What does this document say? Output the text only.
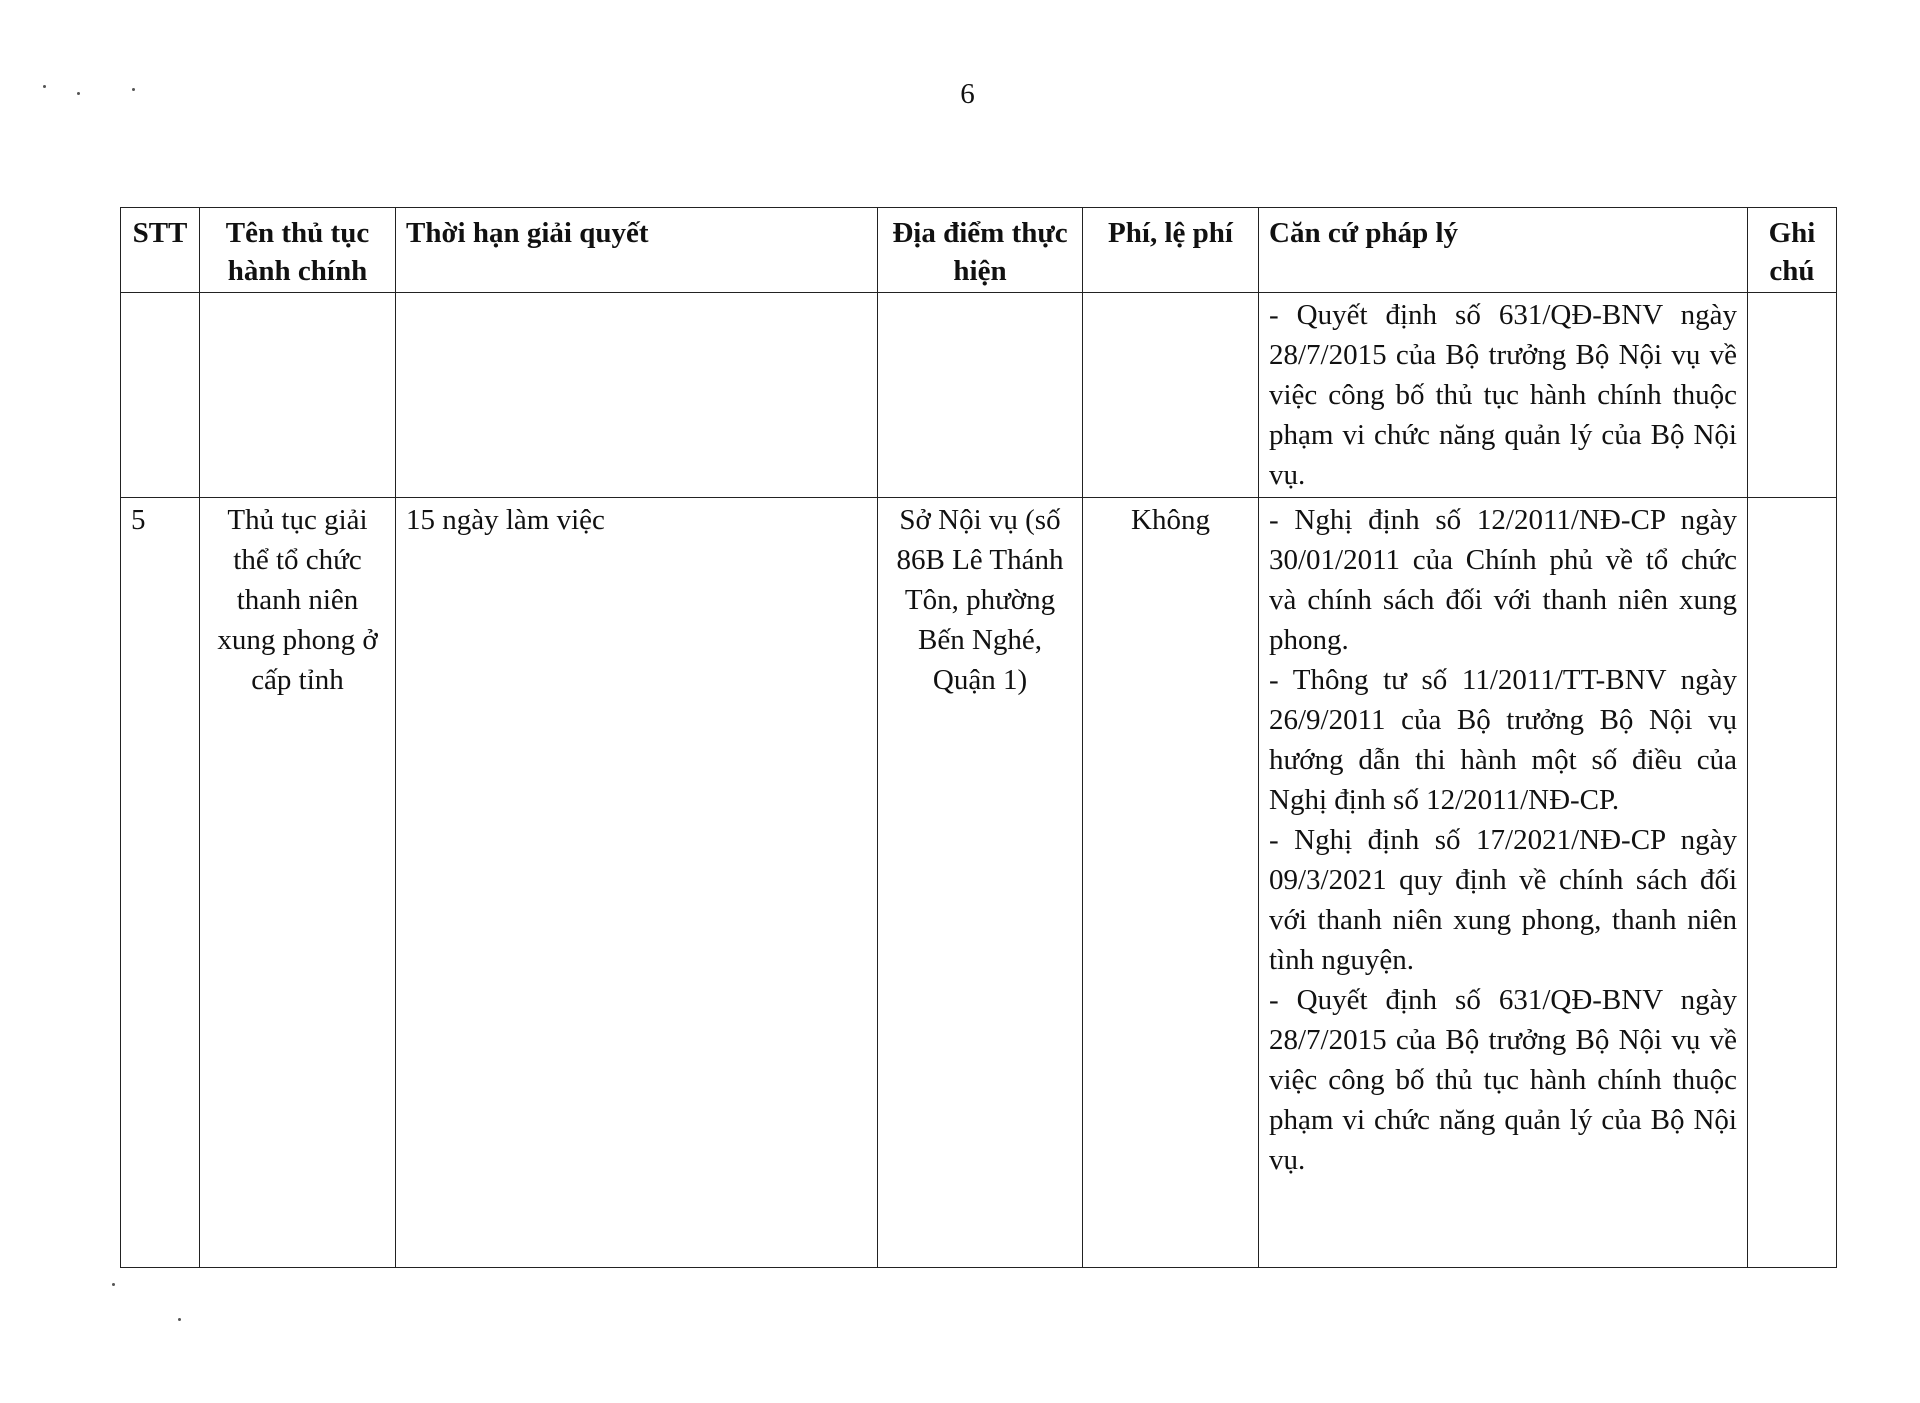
6
STT	Tên thủ tục hành chính	Thời hạn giải quyết	Địa điểm thực hiện	Phí, lệ phí	Căn cứ pháp lý	Ghi chú

					- Quyết định số 631/QĐ-BNV ngày 28/7/2015 của Bộ trưởng Bộ Nội vụ về việc công bố thủ tục hành chính thuộc phạm vi chức năng quản lý của Bộ Nội vụ.	

5	Thủ tục giải thể tổ chức thanh niên xung phong ở cấp tỉnh	15 ngày làm việc	Sở Nội vụ (số 86B Lê Thánh Tôn, phường Bến Nghé, Quận 1)	Không	- Nghị định số 12/2011/NĐ-CP ngày 30/01/2011 của Chính phủ về tổ chức và chính sách đối với thanh niên xung phong.
- Thông tư số 11/2011/TT-BNV ngày 26/9/2011 của Bộ trưởng Bộ Nội vụ hướng dẫn thi hành một số điều của Nghị định số 12/2011/NĐ-CP.
- Nghị định số 17/2021/NĐ-CP ngày 09/3/2021 quy định về chính sách đối với thanh niên xung phong, thanh niên tình nguyện.
- Quyết định số 631/QĐ-BNV ngày 28/7/2015 của Bộ trưởng Bộ Nội vụ về việc công bố thủ tục hành chính thuộc phạm vi chức năng quản lý của Bộ Nội vụ.	
